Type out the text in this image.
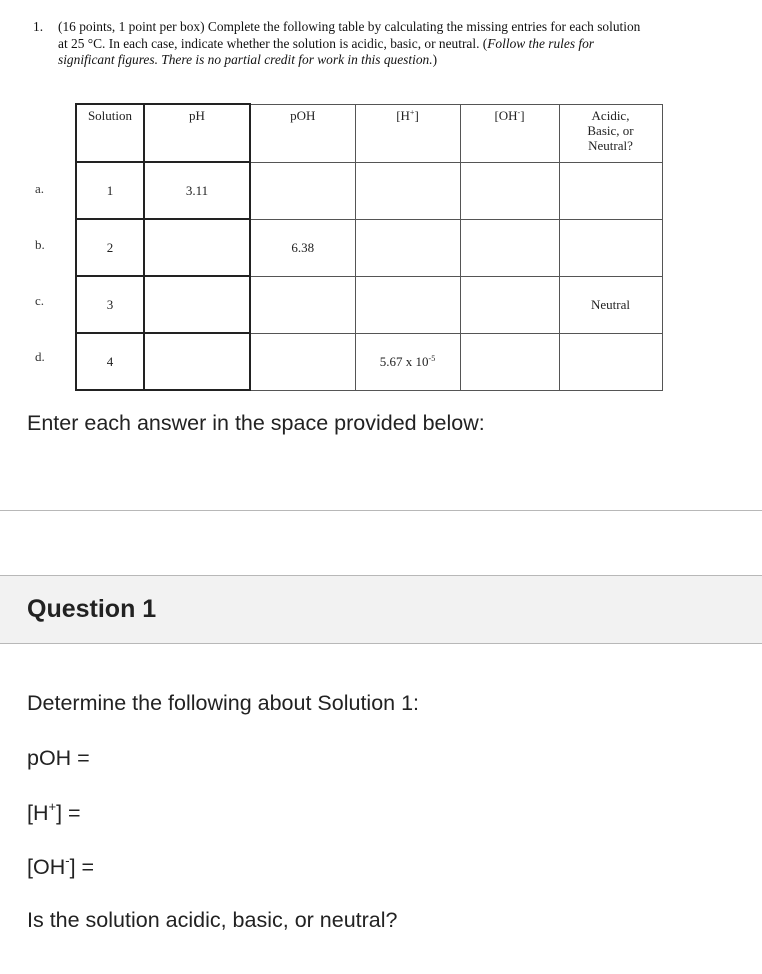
1. (16 points, 1 point per box) Complete the following table by calculating the missing entries for each solution at 25 °C. In each case, indicate whether the solution is acidic, basic, or neutral. (Follow the rules for significant figures. There is no partial credit for work in this question.)
a.
b.
c.
d.
Solution	pH	pOH	[H+]	[OH-]	Acidic,
Basic, or
Neutral?
1	3.11				
2		6.38			
3					Neutral
4			5.67 x $10^{-5}$		
Enter each answer in the space provided below:
Question 1
Determine the following about Solution 1:
pOH =
[H+] =
[OH-] =
Is the solution acidic, basic, or neutral?
